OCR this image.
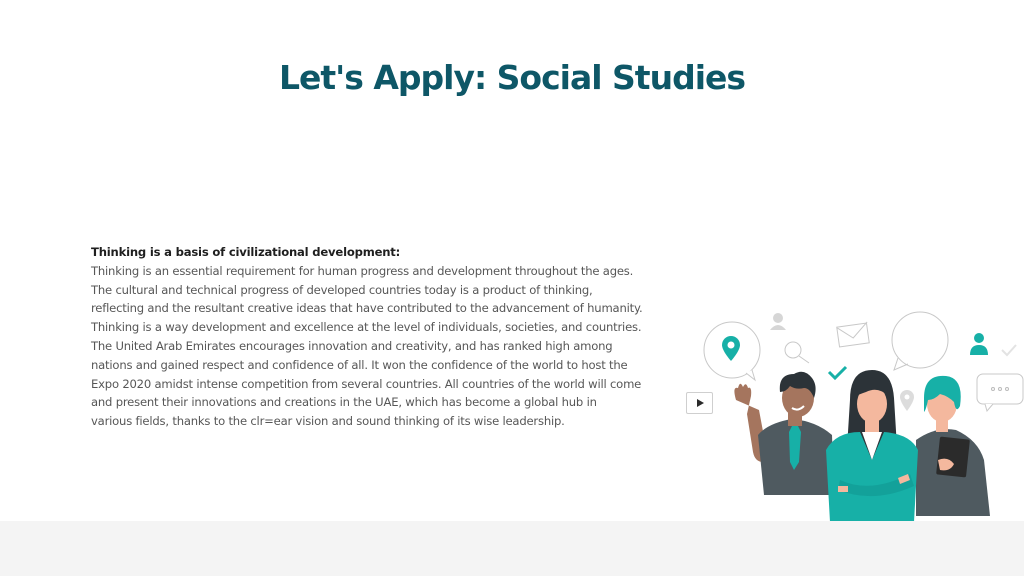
Let's Apply: Social Studies
Thinking is a basis of civilizational development:
Thinking is an essential requirement for human progress and development throughout the ages.
The cultural and technical progress of developed countries today is a product of thinking,
reflecting and the resultant creative ideas that have contributed to the advancement of humanity.
Thinking is a way development and excellence at the level of individuals, societies, and countries.
The United Arab Emirates encourages innovation and creativity, and has ranked high among
nations and gained respect and confidence of all. It won the confidence of the world to host the
Expo 2020 amidst intense competition from several countries. All countries of the world will come
and present their innovations and creations in the UAE, which has become a global hub in
various fields, thanks to the clr=ear vision and sound thinking of its wise leadership.
